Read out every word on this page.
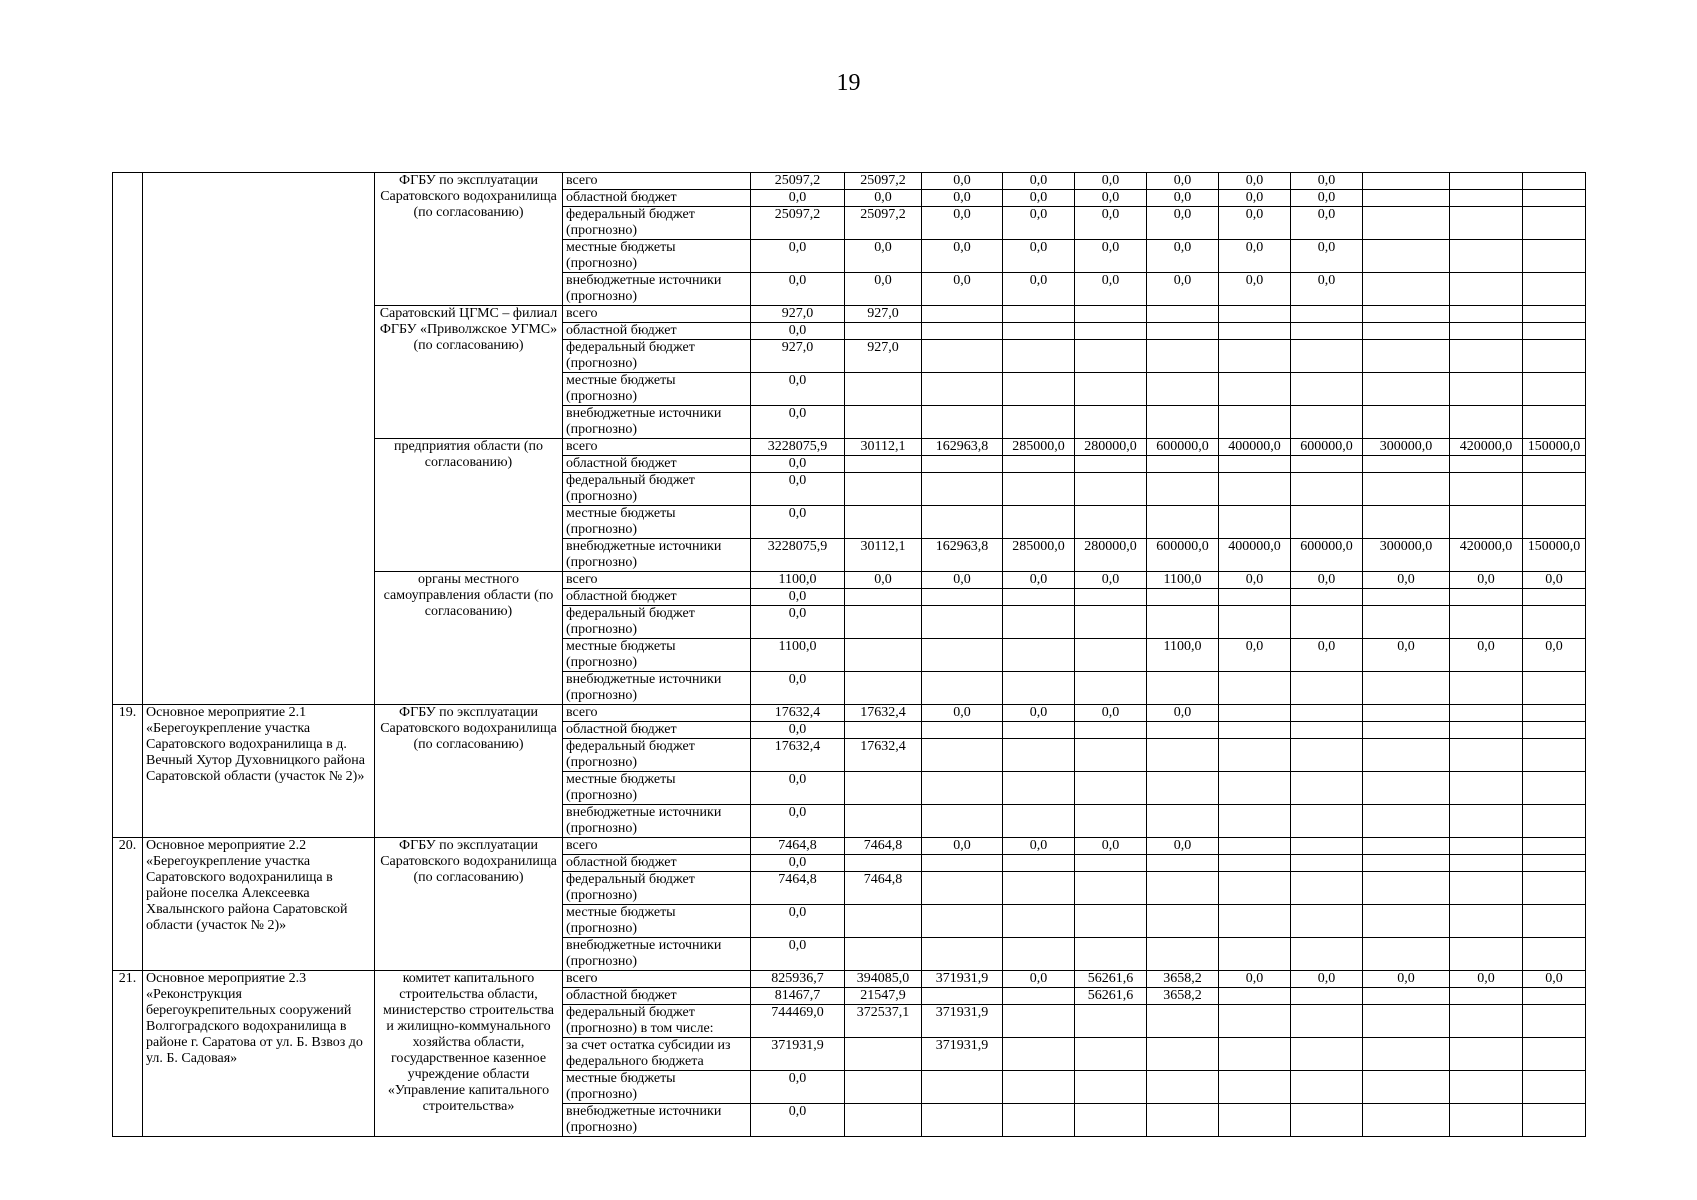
19
		ФГБУ по эксплуатации Саратовского водохранилища (по согласованию)	всего	25097,2	25097,2	0,0	0,0	0,0	0,0	0,0	0,0			
			областной бюджет	0,0	0,0	0,0	0,0	0,0	0,0	0,0	0,0			
			федеральный бюджет (прогнозно)	25097,2	25097,2	0,0	0,0	0,0	0,0	0,0	0,0			
			местные бюджеты (прогнозно)	0,0	0,0	0,0	0,0	0,0	0,0	0,0	0,0			
			внебюджетные источники (прогнозно)	0,0	0,0	0,0	0,0	0,0	0,0	0,0	0,0			
		Саратовский ЦГМС – филиал ФГБУ «Приволжское УГМС» (по согласованию)	всего	927,0	927,0									
			областной бюджет	0,0										
			федеральный бюджет (прогнозно)	927,0	927,0									
			местные бюджеты (прогнозно)	0,0										
			внебюджетные источники (прогнозно)	0,0										
		предприятия области (по согласованию)	всего	3228075,9	30112,1	162963,8	285000,0	280000,0	600000,0	400000,0	600000,0	300000,0	420000,0	150000,0
			областной бюджет	0,0										
			федеральный бюджет (прогнозно)	0,0										
			местные бюджеты (прогнозно)	0,0										
			внебюджетные источники (прогнозно)	3228075,9	30112,1	162963,8	285000,0	280000,0	600000,0	400000,0	600000,0	300000,0	420000,0	150000,0
		органы местного самоуправления области (по согласованию)	всего	1100,0	0,0	0,0	0,0	0,0	1100,0	0,0	0,0	0,0	0,0	0,0
			областной бюджет	0,0										
			федеральный бюджет (прогнозно)	0,0										
			местные бюджеты (прогнозно)	1100,0					1100,0	0,0	0,0	0,0	0,0	0,0
			внебюджетные источники (прогнозно)	0,0										
19.	Основное мероприятие 2.1 «Берегоукрепление участка Саратовского водохранилища в д. Вечный Хутор Духовницкого района Саратовской области (участок № 2)»	ФГБУ по эксплуатации Саратовского водохранилища (по согласованию)	всего	17632,4	17632,4	0,0	0,0	0,0	0,0					
			областной бюджет	0,0										
			федеральный бюджет (прогнозно)	17632,4	17632,4									
			местные бюджеты (прогнозно)	0,0										
			внебюджетные источники (прогнозно)	0,0										
20.	Основное мероприятие 2.2 «Берегоукрепление участка Саратовского водохранилища в районе поселка Алексеевка Хвалынского района Саратовской области (участок № 2)»	ФГБУ по эксплуатации Саратовского водохранилища (по согласованию)	всего	7464,8	7464,8	0,0	0,0	0,0	0,0					
			областной бюджет	0,0										
			федеральный бюджет (прогнозно)	7464,8	7464,8									
			местные бюджеты (прогнозно)	0,0										
			внебюджетные источники (прогнозно)	0,0										
21.	Основное мероприятие 2.3 «Реконструкция берегоукрепительных сооружений Волгоградского водохранилища в районе г. Саратова от ул. Б. Взвоз до ул. Б. Садовая»	комитет капитального строительства области, министерство строительства и жилищно-коммунального хозяйства области, государственное казенное учреждение области «Управление капитального строительства»	всего	825936,7	394085,0	371931,9	0,0	56261,6	3658,2	0,0	0,0	0,0	0,0	0,0
			областной бюджет	81467,7	21547,9			56261,6	3658,2					
			федеральный бюджет (прогнозно) в том числе:	744469,0	372537,1	371931,9								
			за счет остатка субсидии из федерального бюджета	371931,9		371931,9								
			местные бюджеты (прогнозно)	0,0										
			внебюджетные источники (прогнозно)	0,0										
